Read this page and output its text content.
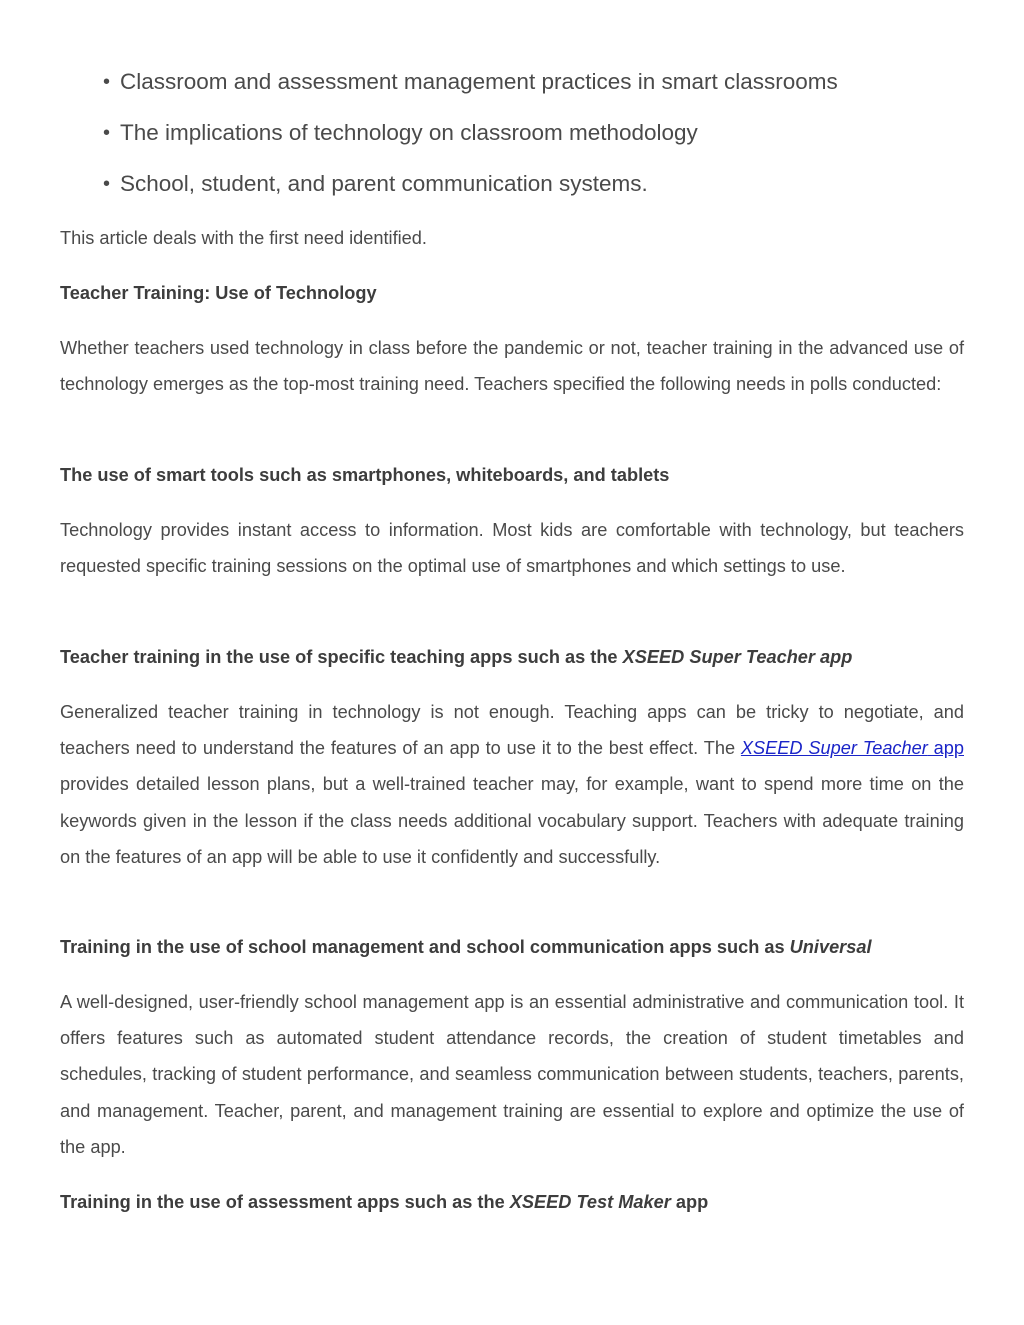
• Classroom and assessment management practices in smart classrooms
• The implications of technology on classroom methodology
• School, student, and parent communication systems.

This article deals with the first need identified.

Teacher Training: Use of Technology

Whether teachers used technology in class before the pandemic or not, teacher training in the advanced use of technology emerges as the top-most training need. Teachers specified the following needs in polls conducted:

The use of smart tools such as smartphones, whiteboards, and tablets

Technology provides instant access to information. Most kids are comfortable with technology, but teachers requested specific training sessions on the optimal use of smartphones and which settings to use.

Teacher training in the use of specific teaching apps such as the XSEED Super Teacher app

Generalized teacher training in technology is not enough. Teaching apps can be tricky to negotiate, and teachers need to understand the features of an app to use it to the best effect. The XSEED Super Teacher app provides detailed lesson plans, but a well-trained teacher may, for example, want to spend more time on the keywords given in the lesson if the class needs additional vocabulary support. Teachers with adequate training on the features of an app will be able to use it confidently and successfully.

Training in the use of school management and school communication apps such as Universal

A well-designed, user-friendly school management app is an essential administrative and communication tool. It offers features such as automated student attendance records, the creation of student timetables and schedules, tracking of student performance, and seamless communication between students, teachers, parents, and management. Teacher, parent, and management training are essential to explore and optimize the use of the app.

Training in the use of assessment apps such as the XSEED Test Maker app
